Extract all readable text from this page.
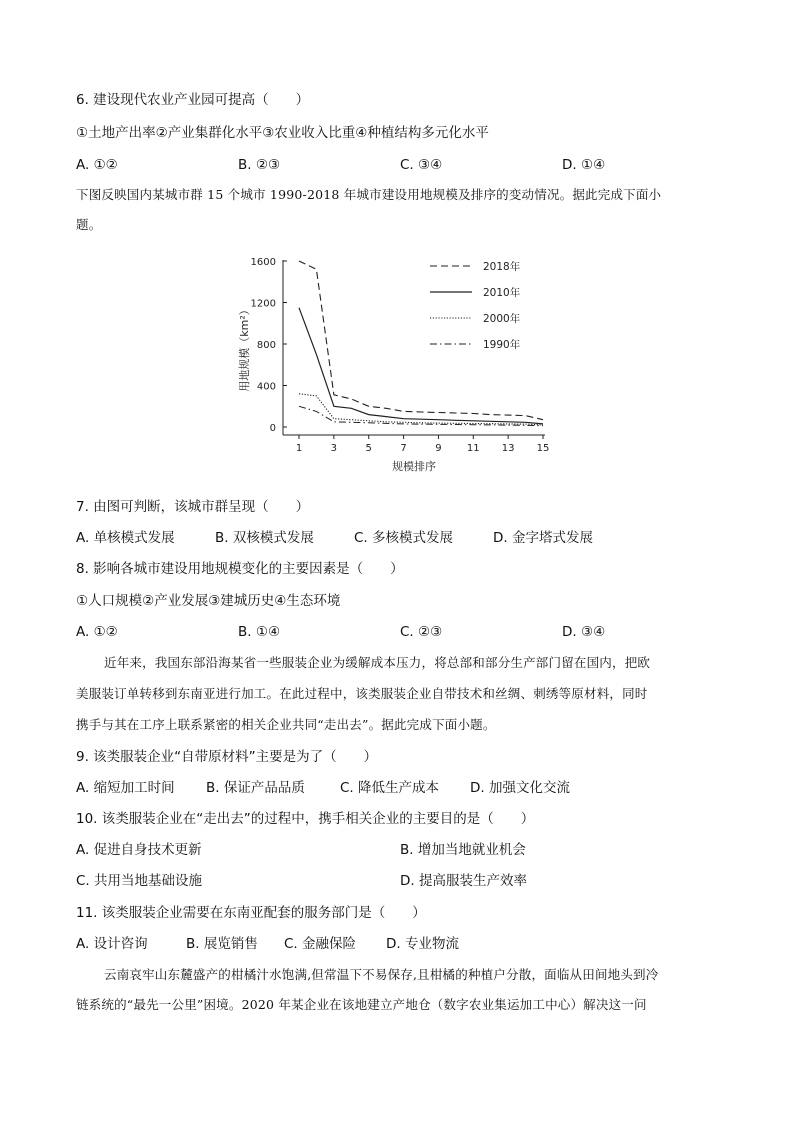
6. 建设现代农业产业园可提高（　　）
①土地产出率②产业集群化水平③农业收入比重④种植结构多元化水平
A. ①②	B. ②③	C. ③④	D. ①④
下图反映国内某城市群 15 个城市 1990-2018 年城市建设用地规模及排序的变动情况。据此完成下面小
题。
0
400
800
1200
1600
1	3	5	7	9	11 13 15
2018年
2010年
2000年
1990年
用地规模（km²）
规模排序
7. 由图可判断，该城市群呈现（　　）
A. 单核模式发展	B. 双核模式发展	C. 多核模式发展	D. 金字塔式发展
8. 影响各城市建设用地规模变化的主要因素是（　　）
①人口规模②产业发展③建城历史④生态环境
A. ①②	B. ①④	C. ②③	D. ③④
近年来，我国东部沿海某省一些服装企业为缓解成本压力，将总部和部分生产部门留在国内，把欧
美服装订单转移到东南亚进行加工。在此过程中，该类服装企业自带技术和丝绸、刺绣等原材料，同时
携手与其在工序上联系紧密的相关企业共同“走出去”。据此完成下面小题。
9. 该类服装企业“自带原材料”主要是为了（　　）
A. 缩短加工时间 B. 保证产品品质	C. 降低生产成本 D. 加强文化交流
10. 该类服装企业在“走出去”的过程中，携手相关企业的主要目的是（　　）
A. 促进自身技术更新	B. 增加当地就业机会
C. 共用当地基础设施	D. 提高服装生产效率
11. 该类服装企业需要在东南亚配套的服务部门是（　　）
A. 设计咨询	B. 展览销售 C. 金融保险 D. 专业物流
云南哀牢山东麓盛产的柑橘汁水饱满,但常温下不易保存,且柑橘的种植户分散，面临从田间地头到冷
链系统的“最先一公里”困境。2020 年某企业在该地建立产地仓（数字农业集运加工中心）解决这一问
